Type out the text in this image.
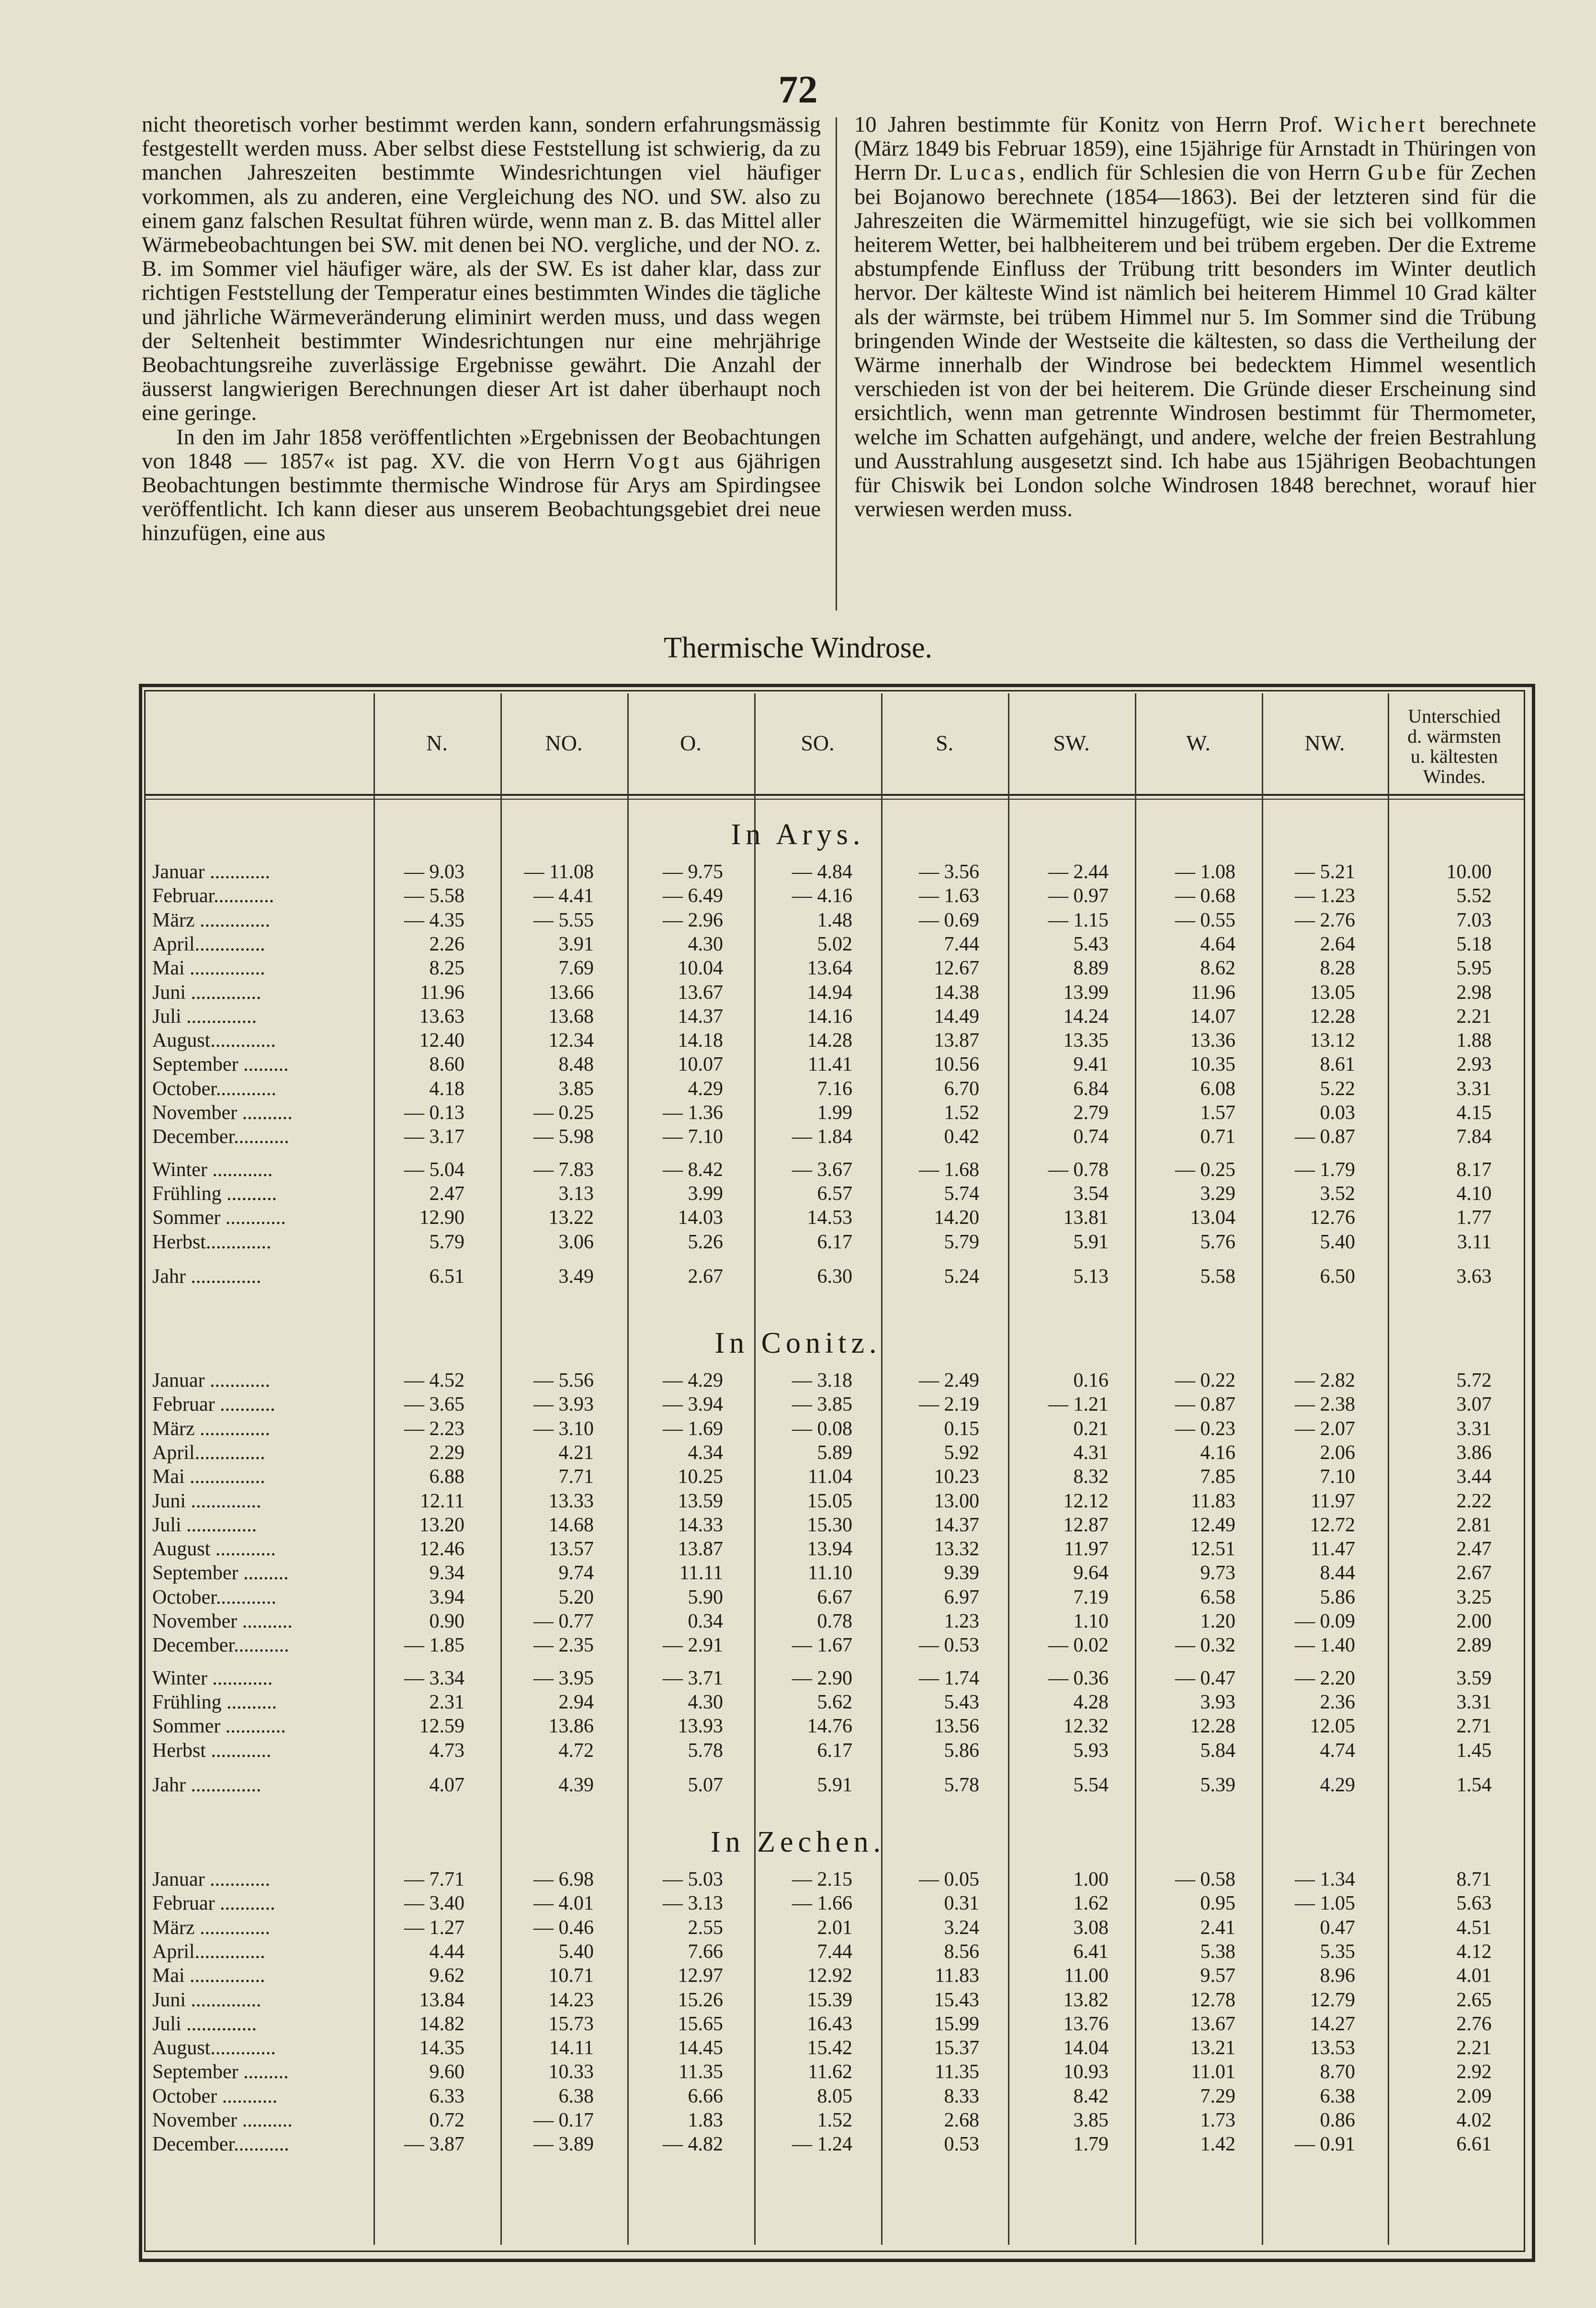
72

nicht theoretisch vorher bestimmt werden kann, sondern erfahrungsmässig festgestellt werden muss. Aber selbst diese Feststellung ist schwierig, da zu manchen Jahreszeiten bestimmte Windesrichtungen viel häufiger vorkommen, als zu anderen, eine Vergleichung des NO. und SW. also zu einem ganz falschen Resultat führen würde, wenn man z. B. das Mittel aller Wärmebeobachtungen bei SW. mit denen bei NO. vergliche, und der NO. z. B. im Sommer viel häufiger wäre, als der SW. Es ist daher klar, dass zur richtigen Feststellung der Temperatur eines bestimmten Windes die tägliche und jährliche Wärmeveränderung eliminirt werden muss, und dass wegen der Seltenheit bestimmter Windesrichtungen nur eine mehrjährige Beobachtungsreihe zuverlässige Ergebnisse gewährt. Die Anzahl der äusserst langwierigen Berechnungen dieser Art ist daher überhaupt noch eine geringe.

In den im Jahr 1858 veröffentlichten »Ergebnissen der Beobachtungen von 1848 — 1857« ist pag. XV. die von Herrn Vogt aus 6jährigen Beobachtungen bestimmte thermische Windrose für Arys am Spirdingsee veröffentlicht. Ich kann dieser aus unserem Beobachtungsgebiet drei neue hinzufügen, eine aus

10 Jahren bestimmte für Konitz von Herrn Prof. Wichert berechnete (März 1849 bis Februar 1859), eine 15jährige für Arnstadt in Thüringen von Herrn Dr. Lucas, endlich für Schlesien die von Herrn Gube für Zechen bei Bojanowo berechnete (1854—1863). Bei der letzteren sind für die Jahreszeiten die Wärmemittel hinzugefügt, wie sie sich bei vollkommen heiterem Wetter, bei halbheiterem und bei trübem ergeben. Der die Extreme abstumpfende Einfluss der Trübung tritt besonders im Winter deutlich hervor. Der kälteste Wind ist nämlich bei heiterem Himmel 10 Grad kälter als der wärmste, bei trübem Himmel nur 5. Im Sommer sind die Trübung bringenden Winde der Westseite die kältesten, so dass die Vertheilung der Wärme innerhalb der Windrose bei bedecktem Himmel wesentlich verschieden ist von der bei heiterem. Die Gründe dieser Erscheinung sind ersichtlich, wenn man getrennte Windrosen bestimmt für Thermometer, welche im Schatten aufgehängt, und andere, welche der freien Bestrahlung und Ausstrahlung ausgesetzt sind. Ich habe aus 15jährigen Beobachtungen für Chiswik bei London solche Windrosen 1848 berechnet, worauf hier verwiesen werden muss.

Thermische Windrose.
N.	NO.	O.	SO.	S.	SW.	W.	NW.
Unterschied
d. wärmsten
u. kältesten
Windes.
In Arys.
Januar ............	— 9.03	— 11.08	— 9.75	— 4.84	— 3.56	— 2.44	— 1.08	— 5.21	10.00
Februar............	— 5.58	— 4.41	— 6.49	— 4.16	— 1.63	— 0.97	— 0.68	— 1.23	5.52
März ..............	— 4.35	— 5.55	— 2.96	1.48	— 0.69	— 1.15	— 0.55	— 2.76	7.03
April..............	2.26	3.91	4.30	5.02	7.44	5.43	4.64	2.64	5.18
Mai ...............	8.25	7.69	10.04	13.64	12.67	8.89	8.62	8.28	5.95
Juni ..............	11.96	13.66	13.67	14.94	14.38	13.99	11.96	13.05	2.98
Juli ..............	13.63	13.68	14.37	14.16	14.49	14.24	14.07	12.28	2.21
August.............	12.40	12.34	14.18	14.28	13.87	13.35	13.36	13.12	1.88
September .........	8.60	8.48	10.07	11.41	10.56	9.41	10.35	8.61	2.93
October............	4.18	3.85	4.29	7.16	6.70	6.84	6.08	5.22	3.31
November ..........	— 0.13	— 0.25	— 1.36	1.99	1.52	2.79	1.57	0.03	4.15
December...........	— 3.17	— 5.98	— 7.10	— 1.84	0.42	0.74	0.71	— 0.87	7.84
Winter ............	— 5.04	— 7.83	— 8.42	— 3.67	— 1.68	— 0.78	— 0.25	— 1.79	8.17
Frühling ..........	2.47	3.13	3.99	6.57	5.74	3.54	3.29	3.52	4.10
Sommer ............	12.90	13.22	14.03	14.53	14.20	13.81	13.04	12.76	1.77
Herbst.............	5.79	3.06	5.26	6.17	5.79	5.91	5.76	5.40	3.11
Jahr ..............	6.51	3.49	2.67	6.30	5.24	5.13	5.58	6.50	3.63
In Conitz.
Januar ............	— 4.52	— 5.56	— 4.29	— 3.18	— 2.49	0.16	— 0.22	— 2.82	5.72
Februar ...........	— 3.65	— 3.93	— 3.94	— 3.85	— 2.19	— 1.21	— 0.87	— 2.38	3.07
März ..............	— 2.23	— 3.10	— 1.69	— 0.08	0.15	0.21	— 0.23	— 2.07	3.31
April..............	2.29	4.21	4.34	5.89	5.92	4.31	4.16	2.06	3.86
Mai ...............	6.88	7.71	10.25	11.04	10.23	8.32	7.85	7.10	3.44
Juni ..............	12.11	13.33	13.59	15.05	13.00	12.12	11.83	11.97	2.22
Juli ..............	13.20	14.68	14.33	15.30	14.37	12.87	12.49	12.72	2.81
August ............	12.46	13.57	13.87	13.94	13.32	11.97	12.51	11.47	2.47
September .........	9.34	9.74	11.11	11.10	9.39	9.64	9.73	8.44	2.67
October............	3.94	5.20	5.90	6.67	6.97	7.19	6.58	5.86	3.25
November ..........	0.90	— 0.77	0.34	0.78	1.23	1.10	1.20	— 0.09	2.00
December...........	— 1.85	— 2.35	— 2.91	— 1.67	— 0.53	— 0.02	— 0.32	— 1.40	2.89
Winter ............	— 3.34	— 3.95	— 3.71	— 2.90	— 1.74	— 0.36	— 0.47	— 2.20	3.59
Frühling ..........	2.31	2.94	4.30	5.62	5.43	4.28	3.93	2.36	3.31
Sommer ............	12.59	13.86	13.93	14.76	13.56	12.32	12.28	12.05	2.71
Herbst ............	4.73	4.72	5.78	6.17	5.86	5.93	5.84	4.74	1.45
Jahr ..............	4.07	4.39	5.07	5.91	5.78	5.54	5.39	4.29	1.54
In Zechen.
Januar ............	— 7.71	— 6.98	— 5.03	— 2.15	— 0.05	1.00	— 0.58	— 1.34	8.71
Februar ...........	— 3.40	— 4.01	— 3.13	— 1.66	0.31	1.62	0.95	— 1.05	5.63
März ..............	— 1.27	— 0.46	2.55	2.01	3.24	3.08	2.41	0.47	4.51
April..............	4.44	5.40	7.66	7.44	8.56	6.41	5.38	5.35	4.12
Mai ...............	9.62	10.71	12.97	12.92	11.83	11.00	9.57	8.96	4.01
Juni ..............	13.84	14.23	15.26	15.39	15.43	13.82	12.78	12.79	2.65
Juli ..............	14.82	15.73	15.65	16.43	15.99	13.76	13.67	14.27	2.76
August.............	14.35	14.11	14.45	15.42	15.37	14.04	13.21	13.53	2.21
September .........	9.60	10.33	11.35	11.62	11.35	10.93	11.01	8.70	2.92
October ...........	6.33	6.38	6.66	8.05	8.33	8.42	7.29	6.38	2.09
November ..........	0.72	— 0.17	1.83	1.52	2.68	3.85	1.73	0.86	4.02
December...........	— 3.87	— 3.89	— 4.82	— 1.24	0.53	1.79	1.42	— 0.91	6.61
